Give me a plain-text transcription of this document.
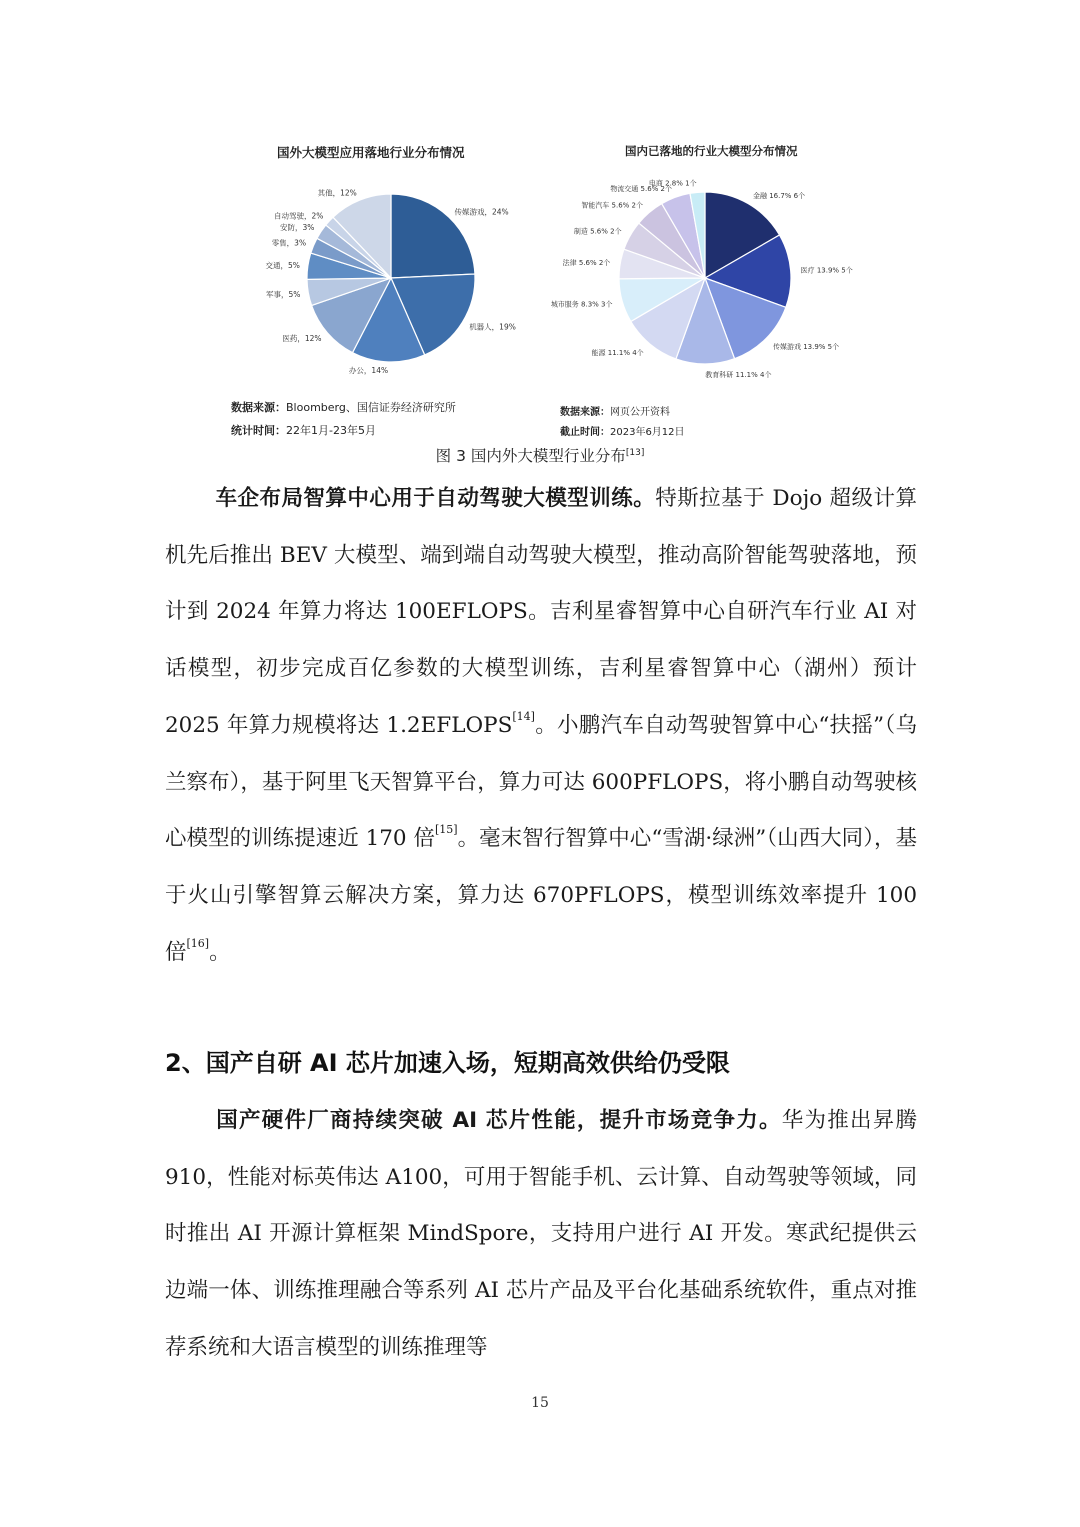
国外大模型应用落地行业分布情况	国内已落地的行业大模型分布情况
传媒游戏，24%
机器人，19%
办公，14%
医药，12%
军事，5%
交通，5%
零售，3%
安防，3%
自动驾驶，2%
其他，12%	金融 16.7% 6个
医疗 13.9% 5个
传媒游戏 13.9% 5个
教育科研 11.1% 4个
能源 11.1% 4个
城市服务 8.3% 3个
法律 5.6% 2个
制造 5.6% 2个
智能汽车 5.6% 2个
物流交通 5.6% 2个
电商 2.8% 1个
数据来源：Bloomberg、国信证券经济研究所
统计时间：22年1月-23年5月
数据来源：网页公开资料
截止时间：2023年6月12日
图 3 国内外大模型行业分布[13]

车企布局智算中心用于自动驾驶大模型训练。特斯拉基于 Dojo 超级计算机先后推出 BEV 大模型、端到端自动驾驶大模型，推动高阶智能驾驶落地，预计到 2024 年算力将达 100EFLOPS。吉利星睿智算中心自研汽车行业 AI 对话模型，初步完成百亿参数的大模型训练，吉利星睿智算中心（湖州）预计 2025 年算力规模将达 1.2EFLOPS[14]。小鹏汽车自动驾驶智算中心“扶摇”（乌兰察布），基于阿里飞天智算平台，算力可达 600PFLOPS，将小鹏自动驾驶核心模型的训练提速近 170 倍[15]。毫末智行智算中心“雪湖·绿洲”（山西大同），基于火山引擎智算云解决方案，算力达 670PFLOPS，模型训练效率提升 100 倍[16]。

2、国产自研 AI 芯片加速入场，短期高效供给仍受限

国产硬件厂商持续突破 AI 芯片性能，提升市场竞争力。华为推出昇腾 910，性能对标英伟达 A100，可用于智能手机、云计算、自动驾驶等领域，同时推出 AI 开源计算框架 MindSpore，支持用户进行 AI 开发。寒武纪提供云边端一体、训练推理融合等系列 AI 芯片产品及平台化基础系统软件，重点对推荐系统和大语言模型的训练推理等

15
